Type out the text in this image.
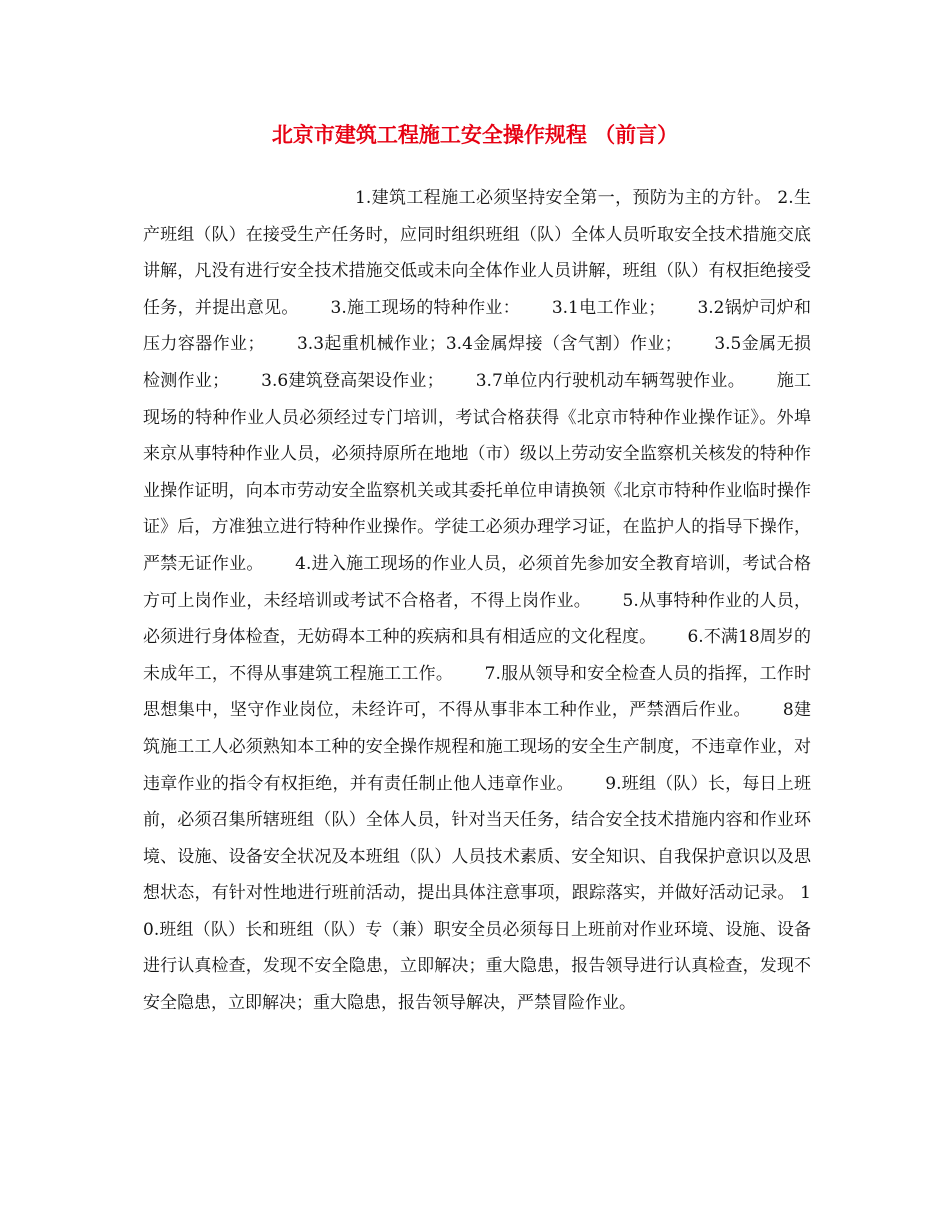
北京市建筑工程施工安全操作规程 （前言）

1.建筑工程施工必须坚持安全第一，预防为主的方针。 2.生产班组（队）在接受生产任务时，应同时组织班组（队）全体人员听取安全技术措施交底讲解，凡没有进行安全技术措施交低或未向全体作业人员讲解，班组（队）有权拒绝接受任务，并提出意见。　　 3.施工现场的特种作业：　　 3.1电工作业；　　 3.2锅炉司炉和压力容器作业；　　 3.3起重机械作业；3.4金属焊接（含气割）作业；　　 3.5金属无损检测作业；　　 3.6建筑登高架设作业；　　 3.7单位内行驶机动车辆驾驶作业。　　 施工现场的特种作业人员必须经过专门培训，考试合格获得《北京市特种作业操作证》。外埠来京从事特种作业人员，必须持原所在地地（市）级以上劳动安全监察机关核发的特种作业操作证明，向本市劳动安全监察机关或其委托单位申请换领《北京市特种作业临时操作证》后，方准独立进行特种作业操作。学徒工必须办理学习证，在监护人的指导下操作，严禁无证作业。　　 4.进入施工现场的作业人员，必须首先参加安全教育培训，考试合格方可上岗作业，未经培训或考试不合格者，不得上岗作业。　　 5.从事特种作业的人员，必须进行身体检查，无妨碍本工种的疾病和具有相适应的文化程度。　　 6.不满18周岁的未成年工，不得从事建筑工程施工工作。　　 7.服从领导和安全检查人员的指挥，工作时思想集中，坚守作业岗位，未经许可，不得从事非本工种作业，严禁酒后作业。　　 8建筑施工工人必须熟知本工种的安全操作规程和施工现场的安全生产制度，不违章作业，对违章作业的指令有权拒绝，并有责任制止他人违章作业。　　 9.班组（队）长，每日上班前，必须召集所辖班组（队）全体人员，针对当天任务，结合安全技术措施内容和作业环境、设施、设备安全状况及本班组（队）人员技术素质、安全知识、自我保护意识以及思想状态，有针对性地进行班前活动，提出具体注意事项，跟踪落实，并做好活动记录。 10.班组（队）长和班组（队）专（兼）职安全员必须每日上班前对作业环境、设施、设备进行认真检查，发现不安全隐患，立即解决；重大隐患，报告领导进行认真检查，发现不安全隐患，立即解决；重大隐患，报告领导解决，严禁冒险作业。
